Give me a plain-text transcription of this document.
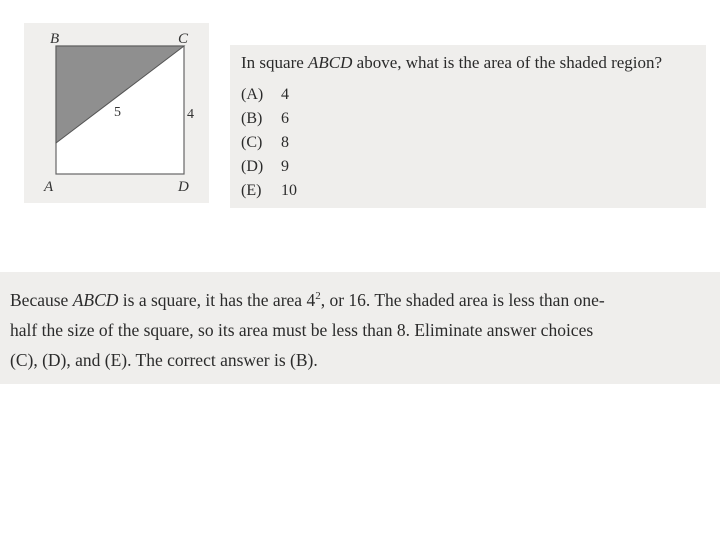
B	C
A	D
5	4
In square ABCD above, what is the area of the shaded region?
(A) 4
(B) 6
(C) 8
(D) 9
(E) 10
Because ABCD is a square, it has the area $4^2$, or 16. The shaded area is less than one-
half the size of the square, so its area must be less than 8. Eliminate answer choices
(C), (D), and (E). The correct answer is (B).
